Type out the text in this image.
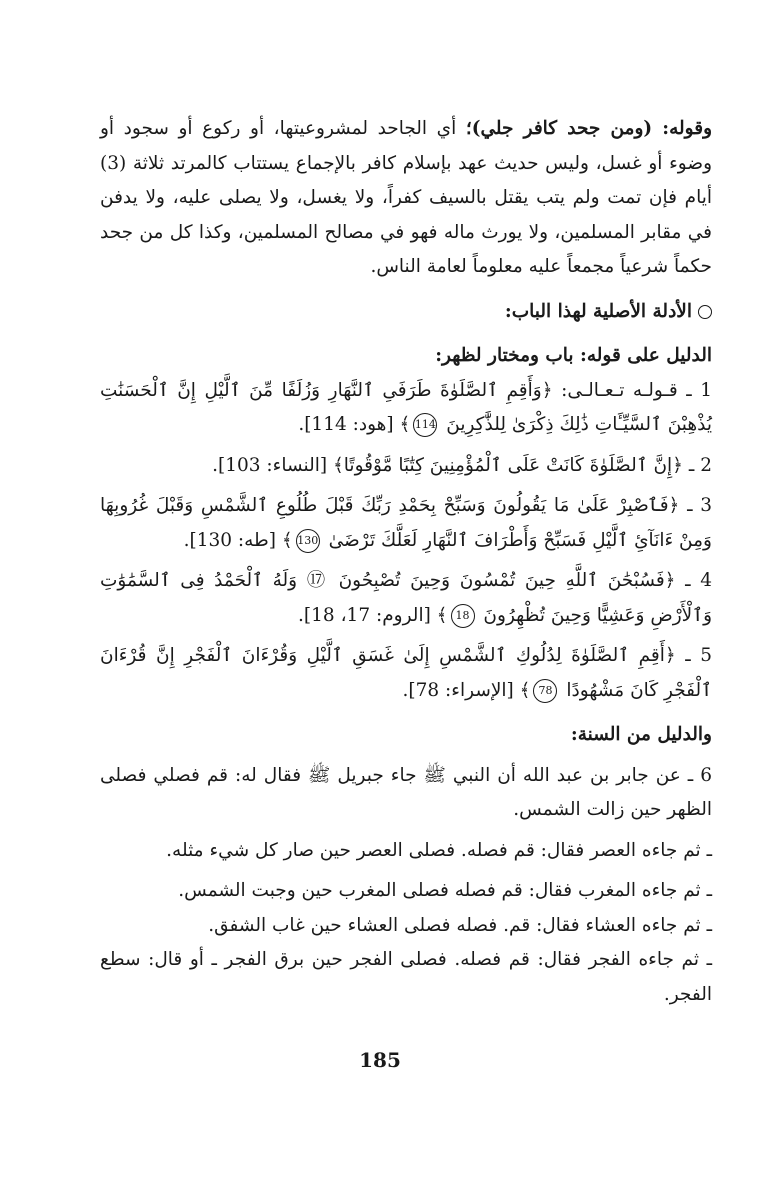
وقوله: (ومن جحد كافر جلي)؛ أي الجاحد لمشروعيتها، أو ركوع أو سجود أو وضوء أو غسل، وليس حديث عهد بإسلام كافر بالإجماع يستتاب كالمرتد ثلاثة (3) أيام فإن تمت ولم يتب يقتل بالسيف كفراً، ولا يغسل، ولا يصلى عليه، ولا يدفن في مقابر المسلمين، ولا يورث ماله فهو في مصالح المسلمين، وكذا كل من جحد حكماً شرعياً مجمعاً عليه معلوماً لعامة الناس.

الأدلة الأصلية لهذا الباب:

الدليل على قوله: باب ومختار لظهر:

1 ـ قـولـه تـعـالـى: ﴿وَأَقِمِ ٱلصَّلَوٰةَ طَرَفَىِ ٱلنَّهَارِ وَزُلَفًا مِّنَ ٱلَّيْلِ إِنَّ ٱلْحَسَنَٰتِ يُذْهِبْنَ ٱلسَّيِّـَٔاتِ ذَٰلِكَ ذِكْرَىٰ لِلذَّٰكِرِينَ 114﴾ [هود: 114].

2 ـ ﴿إِنَّ ٱلصَّلَوٰةَ كَانَتْ عَلَى ٱلْمُؤْمِنِينَ كِتَٰبًا مَّوْقُوتًا﴾ [النساء: 103].

3 ـ ﴿فَٱصْبِرْ عَلَىٰ مَا يَقُولُونَ وَسَبِّحْ بِحَمْدِ رَبِّكَ قَبْلَ طُلُوعِ ٱلشَّمْسِ وَقَبْلَ غُرُوبِهَا وَمِنْ ءَانَآئِ ٱلَّيْلِ فَسَبِّحْ وَأَطْرَافَ ٱلنَّهَارِ لَعَلَّكَ تَرْضَىٰ 130﴾ [طه: 130].

4 ـ ﴿فَسُبْحَٰنَ ٱللَّهِ حِينَ تُمْسُونَ وَحِينَ تُصْبِحُونَ ⑰ وَلَهُ ٱلْحَمْدُ فِى ٱلسَّمَٰوَٰتِ وَٱلْأَرْضِ وَعَشِيًّا وَحِينَ تُظْهِرُونَ 18﴾ [الروم: 17، 18].

5 ـ ﴿أَقِمِ ٱلصَّلَوٰةَ لِدُلُوكِ ٱلشَّمْسِ إِلَىٰ غَسَقِ ٱلَّيْلِ وَقُرْءَانَ ٱلْفَجْرِ إِنَّ قُرْءَانَ ٱلْفَجْرِ كَانَ مَشْهُودًا 78﴾ [الإسراء: 78].

والدليل من السنة:

6 ـ عن جابر بن عبد الله أن النبي ﷺ جاء جبريل ﷺ فقال له: قم فصلي فصلى الظهر حين زالت الشمس.

ـ ثم جاءه العصر فقال: قم فصله. فصلى العصر حين صار كل شيء مثله.

ـ ثم جاءه المغرب فقال: قم فصله فصلى المغرب حين وجبت الشمس.

ـ ثم جاءه العشاء فقال: قم. فصله فصلى العشاء حين غاب الشفق.

ـ ثم جاءه الفجر فقال: قم فصله. فصلى الفجر حين برق الفجر ـ أو قال: سطع الفجر.

185
